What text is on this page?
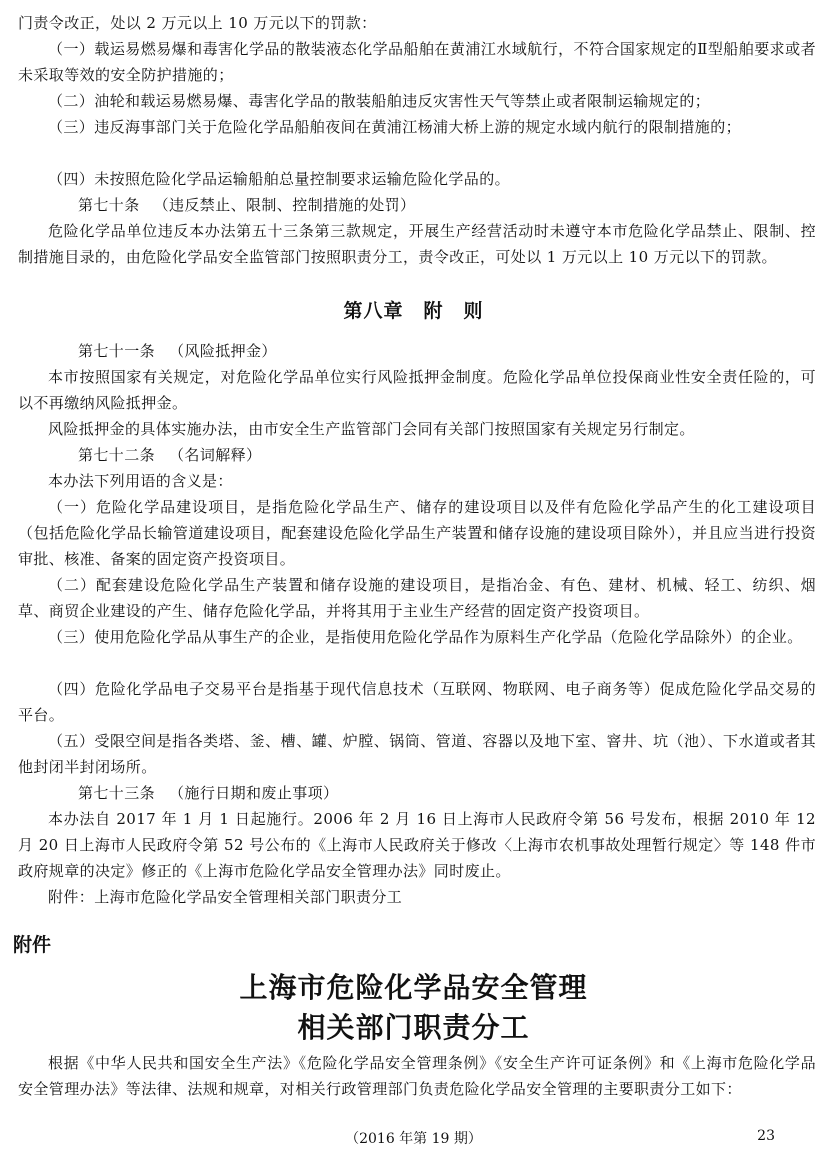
门责令改正，处以 2 万元以上 10 万元以下的罚款：
（一）载运易燃易爆和毒害化学品的散装液态化学品船舶在黄浦江水域航行，不符合国家规定的Ⅱ型船舶要求或者未采取等效的安全防护措施的；
（二）油轮和载运易燃易爆、毒害化学品的散装船舶违反灾害性天气等禁止或者限制运输规定的；
（三）违反海事部门关于危险化学品船舶夜间在黄浦江杨浦大桥上游的规定水域内航行的限制措施的；
（四）未按照危险化学品运输船舶总量控制要求运输危险化学品的。
第七十条 （违反禁止、限制、控制措施的处罚）
危险化学品单位违反本办法第五十三条第三款规定，开展生产经营活动时未遵守本市危险化学品禁止、限制、控制措施目录的，由危险化学品安全监管部门按照职责分工，责令改正，可处以 1 万元以上 10 万元以下的罚款。
第八章　附　则
第七十一条 （风险抵押金）
本市按照国家有关规定，对危险化学品单位实行风险抵押金制度。危险化学品单位投保商业性安全责任险的，可以不再缴纳风险抵押金。
风险抵押金的具体实施办法，由市安全生产监管部门会同有关部门按照国家有关规定另行制定。
第七十二条 （名词解释）
本办法下列用语的含义是：
（一）危险化学品建设项目，是指危险化学品生产、储存的建设项目以及伴有危险化学品产生的化工建设项目（包括危险化学品长输管道建设项目，配套建设危险化学品生产装置和储存设施的建设项目除外），并且应当进行投资审批、核准、备案的固定资产投资项目。
（二）配套建设危险化学品生产装置和储存设施的建设项目，是指冶金、有色、建材、机械、轻工、纺织、烟草、商贸企业建设的产生、储存危险化学品，并将其用于主业生产经营的固定资产投资项目。
（三）使用危险化学品从事生产的企业，是指使用危险化学品作为原料生产化学品（危险化学品除外）的企业。
（四）危险化学品电子交易平台是指基于现代信息技术（互联网、物联网、电子商务等）促成危险化学品交易的平台。
（五）受限空间是指各类塔、釜、槽、罐、炉膛、锅筒、管道、容器以及地下室、窨井、坑（池）、下水道或者其他封闭半封闭场所。
第七十三条 （施行日期和废止事项）
本办法自 2017 年 1 月 1 日起施行。2006 年 2 月 16 日上海市人民政府令第 56 号发布，根据 2010 年 12 月 20 日上海市人民政府令第 52 号公布的《上海市人民政府关于修改〈上海市农机事故处理暂行规定〉等 148 件市政府规章的决定》修正的《上海市危险化学品安全管理办法》同时废止。
附件：上海市危险化学品安全管理相关部门职责分工
附件
上海市危险化学品安全管理
相关部门职责分工
根据《中华人民共和国安全生产法》《危险化学品安全管理条例》《安全生产许可证条例》和《上海市危险化学品安全管理办法》等法律、法规和规章，对相关行政管理部门负责危险化学品安全管理的主要职责分工如下：
（2016 年第 19 期）	23
